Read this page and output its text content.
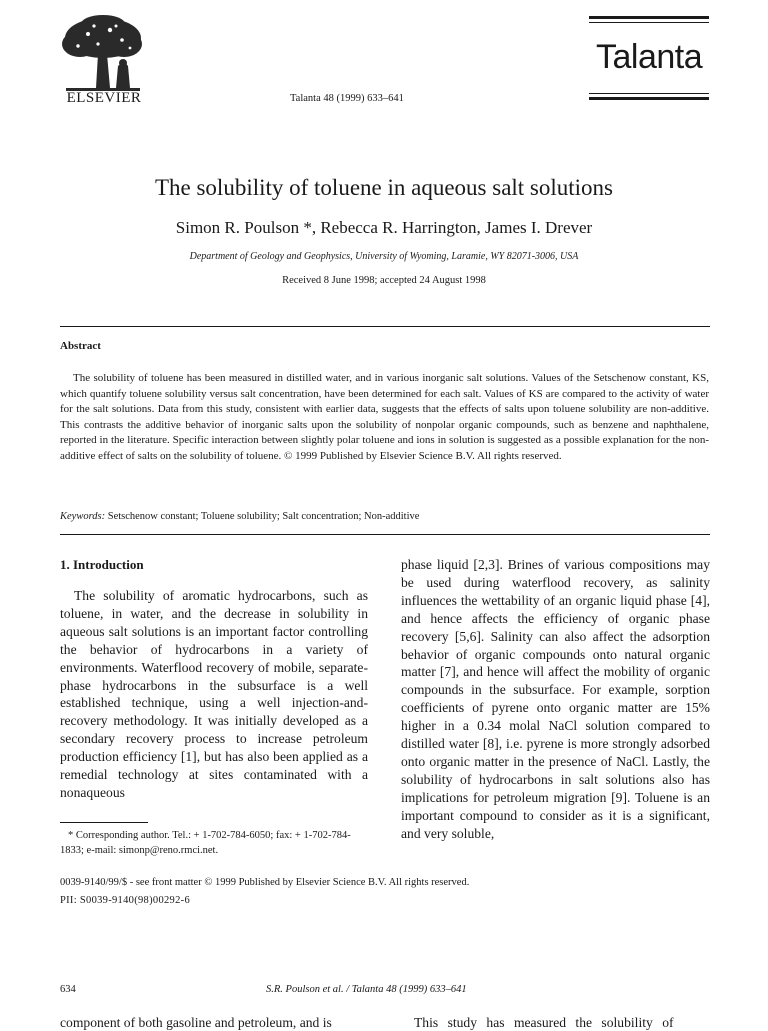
ELSEVIER	Talanta 48 (1999) 633–641
Talanta
The solubility of toluene in aqueous salt solutions
Simon R. Poulson *, Rebecca R. Harrington, James I. Drever
Department of Geology and Geophysics, University of Wyoming, Laramie, WY 82071-3006, USA
Received 8 June 1998; accepted 24 August 1998
Abstract
The solubility of toluene has been measured in distilled water, and in various inorganic salt solutions. Values of the Setschenow constant, KS, which quantify toluene solubility versus salt concentration, have been determined for each salt. Values of KS are compared to the activity of water for the salt solutions. Data from this study, consistent with earlier data, suggests that the effects of salts upon toluene solubility are non-additive. This contrasts the additive behavior of inorganic salts upon the solubility of nonpolar organic compounds, such as benzene and naphthalene, reported in the literature. Specific interaction between slightly polar toluene and ions in solution is suggested as a possible explanation for the non-additive effect of salts on the solubility of toluene. © 1999 Published by Elsevier Science B.V. All rights reserved.
Keywords: Setschenow constant; Toluene solubility; Salt concentration; Non-additive
1. Introduction
The solubility of aromatic hydrocarbons, such as toluene, in water, and the decrease in solubility in aqueous salt solutions is an important factor controlling the behavior of hydrocarbons in a variety of environments. Waterflood recovery of mobile, separate-phase hydrocarbons in the subsurface is a well established technique, using a well injection-and-recovery methodology. It was initially developed as a secondary recovery process to increase petroleum production efficiency [1], but has also been applied as a remedial technology at sites contaminated with a nonaqueous
phase liquid [2,3]. Brines of various compositions may be used during waterflood recovery, as salinity influences the wettability of an organic liquid phase [4], and hence affects the efficiency of organic phase recovery [5,6]. Salinity can also affect the adsorption behavior of organic compounds onto natural organic matter [7], and hence will affect the mobility of organic compounds in the subsurface. For example, sorption coefficients of pyrene onto organic matter are 15% higher in a 0.34 molal NaCl solution compared to distilled water [8], i.e. pyrene is more strongly adsorbed onto organic matter in the presence of NaCl. Lastly, the solubility of hydrocarbons in salt solutions also has implications for petroleum migration [9]. Toluene is an important compound to consider as it is a significant, and very soluble,
* Corresponding author. Tel.: + 1-702-784-6050; fax: + 1-702-784-1833; e-mail: simonp@reno.rmci.net.
0039-9140/99/$ - see front matter © 1999 Published by Elsevier Science B.V. All rights reserved.
PII: S0039-9140(98)00292-6
634	S.R. Poulson et al. / Talanta 48 (1999) 633–641
component of both gasoline and petroleum, and is	This study has measured the solubility of
